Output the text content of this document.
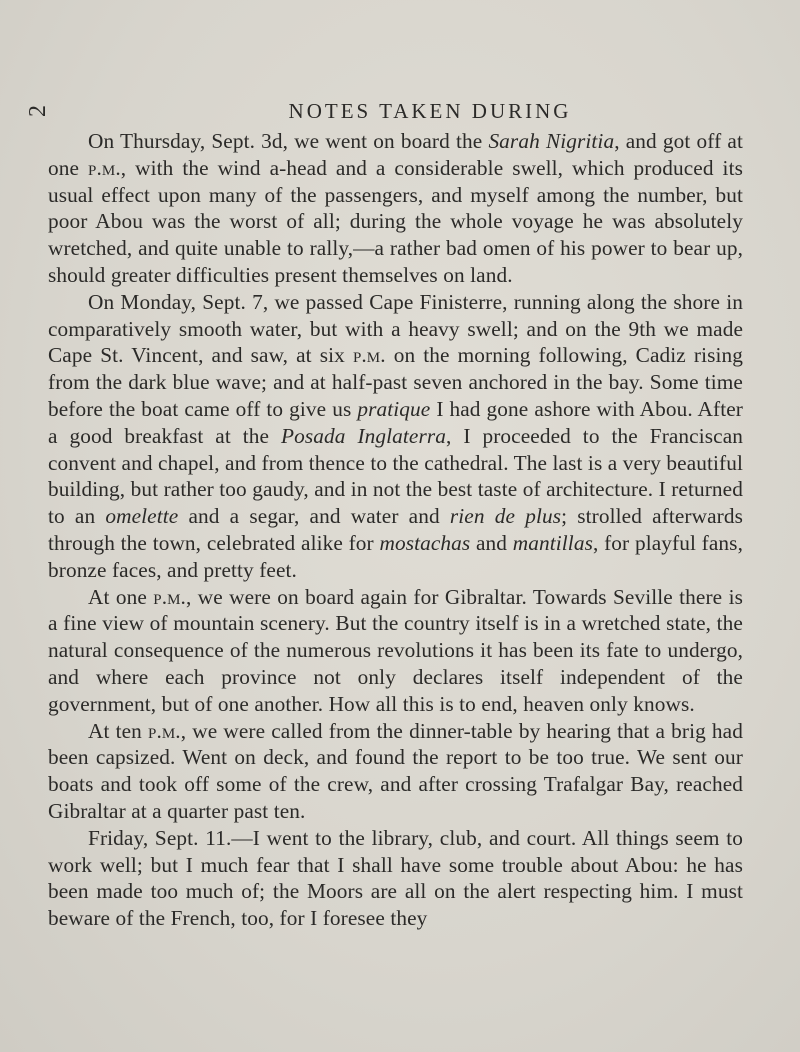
2	NOTES TAKEN DURING

On Thursday, Sept. 3d, we went on board the Sarah Nigritia, and got off at one p.m., with the wind a-head and a considerable swell, which produced its usual effect upon many of the passengers, and myself among the number, but poor Abou was the worst of all; during the whole voyage he was absolutely wretched, and quite unable to rally,—a rather bad omen of his power to bear up, should greater difficulties present themselves on land.

On Monday, Sept. 7, we passed Cape Finisterre, running along the shore in comparatively smooth water, but with a heavy swell; and on the 9th we made Cape St. Vincent, and saw, at six p.m. on the morning following, Cadiz rising from the dark blue wave; and at half-past seven anchored in the bay. Some time before the boat came off to give us pratique I had gone ashore with Abou. After a good breakfast at the Posada Inglaterra, I proceeded to the Franciscan convent and chapel, and from thence to the cathedral. The last is a very beautiful building, but rather too gaudy, and in not the best taste of architecture. I returned to an omelette and a segar, and water and rien de plus; strolled afterwards through the town, celebrated alike for mostachas and mantillas, for playful fans, bronze faces, and pretty feet.

At one p.m., we were on board again for Gibraltar. Towards Seville there is a fine view of mountain scenery. But the country itself is in a wretched state, the natural consequence of the numerous revolutions it has been its fate to undergo, and where each province not only declares itself independent of the government, but of one another. How all this is to end, heaven only knows.

At ten p.m., we were called from the dinner-table by hearing that a brig had been capsized. Went on deck, and found the report to be too true. We sent our boats and took off some of the crew, and after crossing Trafalgar Bay, reached Gibraltar at a quarter past ten.

Friday, Sept. 11.—I went to the library, club, and court. All things seem to work well; but I much fear that I shall have some trouble about Abou: he has been made too much of; the Moors are all on the alert respecting him. I must beware of the French, too, for I foresee they
